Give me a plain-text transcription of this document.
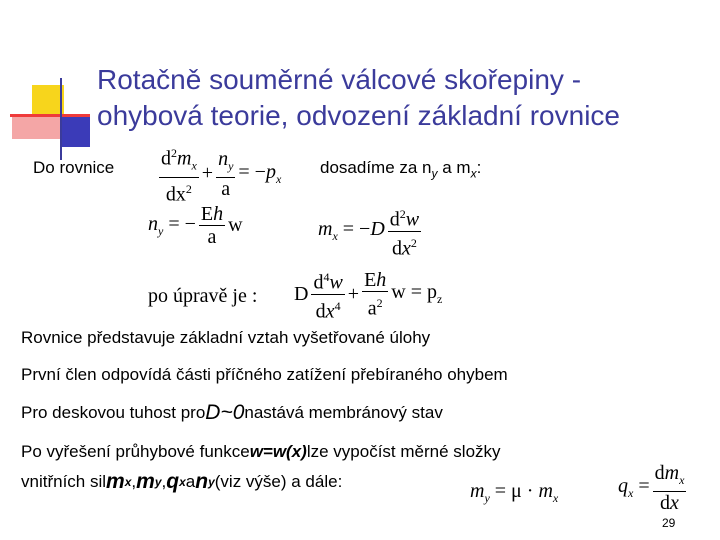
Rotačně souměrné válcové skořepiny -
ohybová teorie, odvození základní rovnice
Do rovnice $\frac{d^2m_x}{dx^2} + \frac{n_y}{a} = -p_x$
dosadíme za $n_y$ a $m_x$:
$n_y$ = − $\frac{Eh}{a}$ w	$m_x = -D \frac{d^2w}{dx^2}$
po úpravě je : D $\frac{d^4w}{dx^4} + \frac{Eh}{a^2}$ $w = p_z$
Rovnice představuje základní vztah vyšetřované úlohy
První člen odpovídá části příčného zatížení přebíraného ohybem
Pro deskovou tuhost pro D~0 nastává membránový stav
Po vyřešení průhybové funkce w=w(x) lze vypočíst měrné složky
vnitřních sil m x , m y , q x a n y (viz výše) a dále:	$m_y = \mu \cdot m_x$
$q_x = \frac{dm_x}{dx}$
29
